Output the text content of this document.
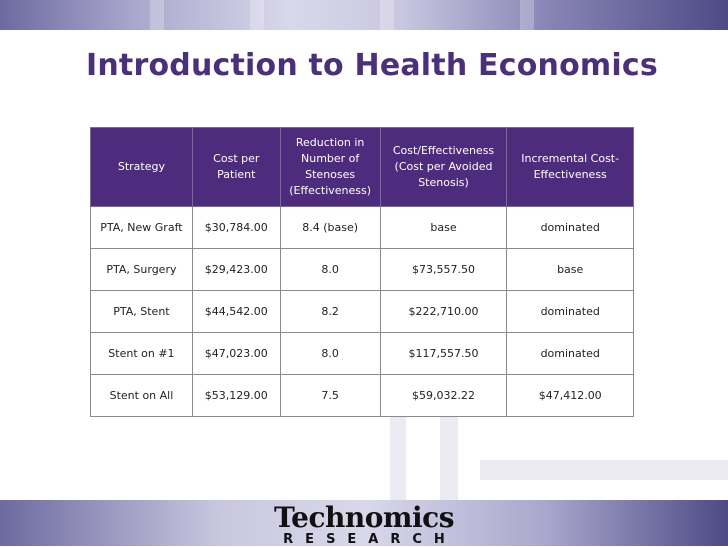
Introduction to Health Economics
Strategy	Cost per Patient	Reduction in Number of Stenoses (Effectiveness)	Cost/Effectiveness (Cost per Avoided Stenosis)	Incremental Cost-Effectiveness
PTA, New Graft	$30,784.00	8.4 (base)	base	dominated
PTA, Surgery	$29,423.00	8.0	$73,557.50	base
PTA, Stent	$44,542.00	8.2	$222,710.00	dominated
Stent on #1	$47,023.00	8.0	$117,557.50	dominated
Stent on All	$53,129.00	7.5	$59,032.22	$47,412.00
Technomics
RESEARCH
